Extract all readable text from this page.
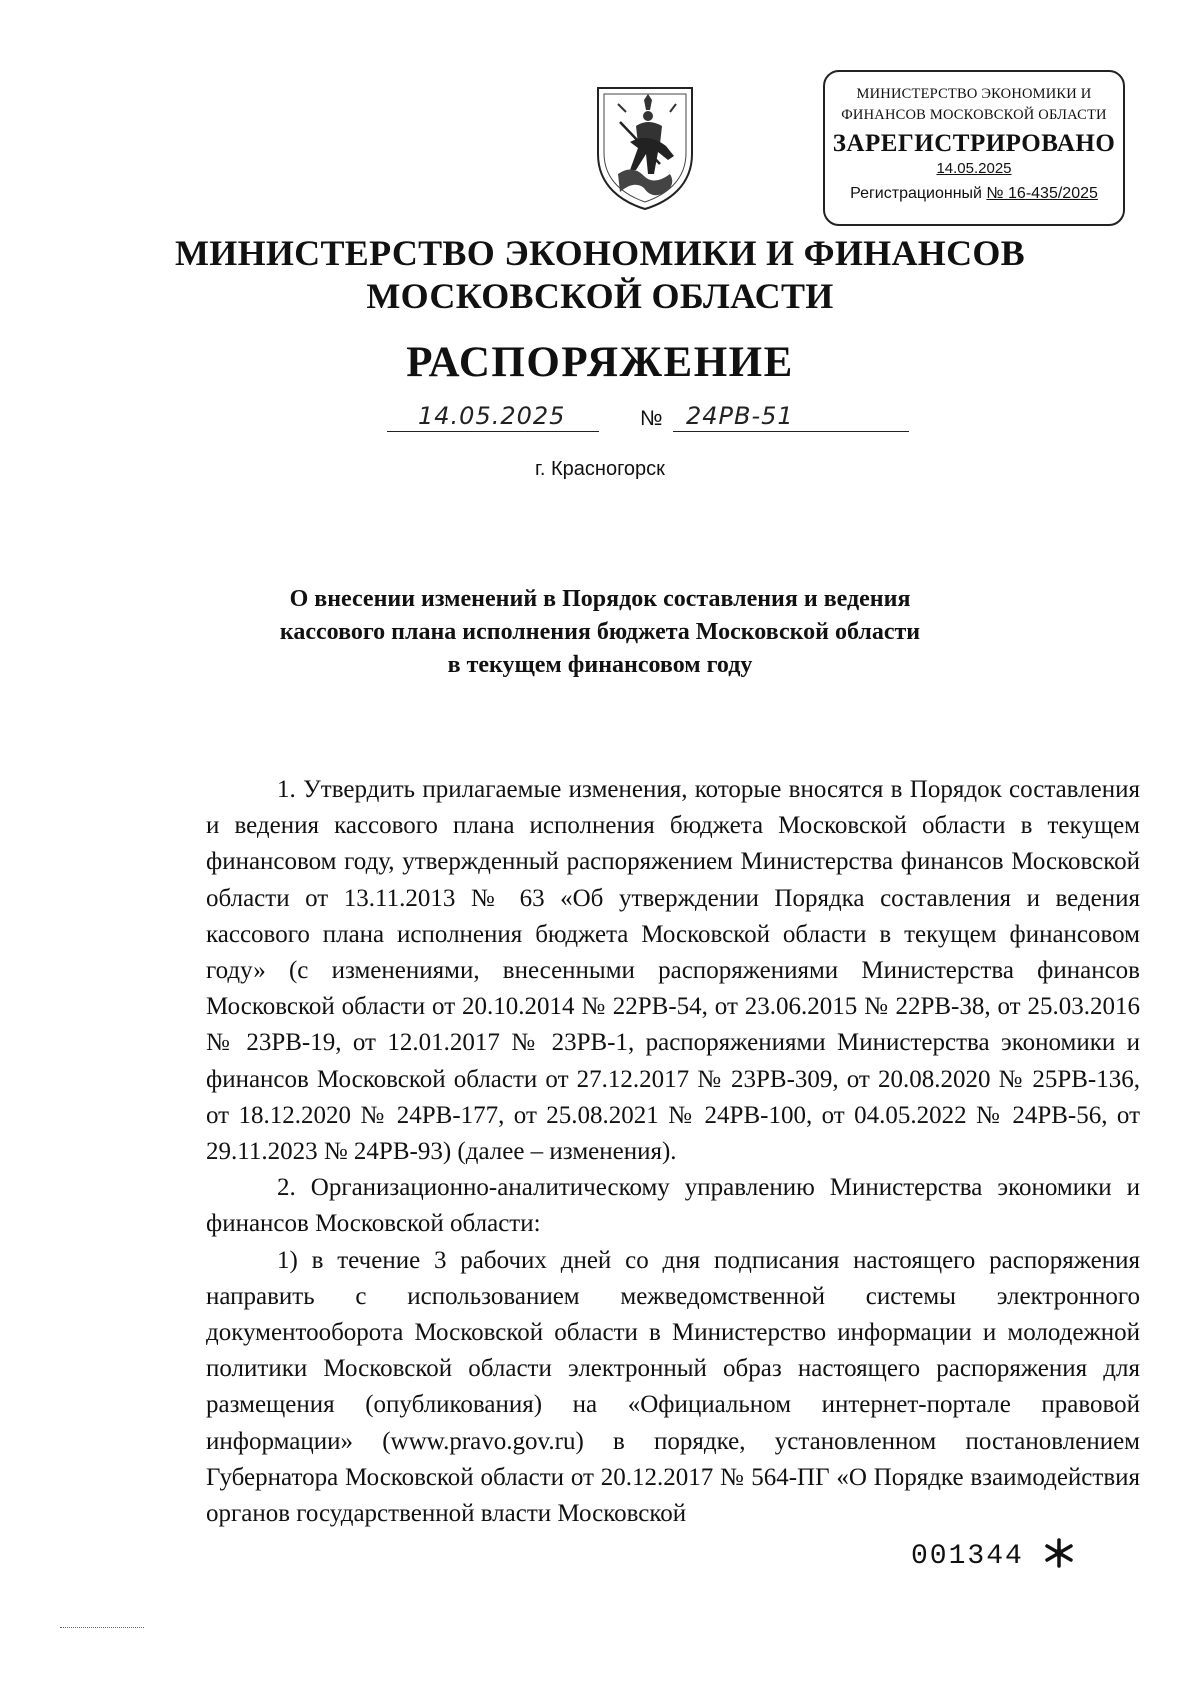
МИНИСТЕРСТВО ЭКОНОМИКИ И
ФИНАНСОВ МОСКОВСКОЙ ОБЛАСТИ
ЗАРЕГИСТРИРОВАНО
14.05.2025
Регистрационный № 16-435/2025
МИНИСТЕРСТВО ЭКОНОМИКИ И ФИНАНСОВ
МОСКОВСКОЙ ОБЛАСТИ
РАСПОРЯЖЕНИЕ
14.05.2025	№ 24РВ-51
г. Красногорск
О внесении изменений в Порядок составления и ведения
кассового плана исполнения бюджета Московской области
в текущем финансовом году

1. Утвердить прилагаемые изменения, которые вносятся в Порядок составления и ведения кассового плана исполнения бюджета Московской области в текущем финансовом году, утвержденный распоряжением Министерства финансов Московской области от 13.11.2013 № 63 «Об утверждении Порядка составления и ведения кассового плана исполнения бюджета Московской области в текущем финансовом году» (с изменениями, внесенными распоряжениями Министерства финансов Московской области от 20.10.2014 № 22РВ-54, от 23.06.2015 № 22РВ-38, от 25.03.2016 № 23РВ-19, от 12.01.2017 № 23РВ-1, распоряжениями Министерства экономики и финансов Московской области от 27.12.2017 № 23РВ-309, от 20.08.2020 № 25РВ-136, от 18.12.2020 № 24РВ-177, от 25.08.2021 № 24РВ-100, от 04.05.2022 № 24РВ-56, от 29.11.2023 № 24РВ-93) (далее – изменения).

2. Организационно-аналитическому управлению Министерства экономики и финансов Московской области:

1) в течение 3 рабочих дней со дня подписания настоящего распоряжения направить с использованием межведомственной системы электронного документооборота Московской области в Министерство информации и молодежной политики Московской области электронный образ настоящего распоряжения для размещения (опубликования) на «Официальном интернет-портале правовой информации» (www.pravo.gov.ru) в порядке, установленном постановлением Губернатора Московской области от 20.12.2017 № 564-ПГ «О Порядке взаимодействия органов государственной власти Московской

001344
